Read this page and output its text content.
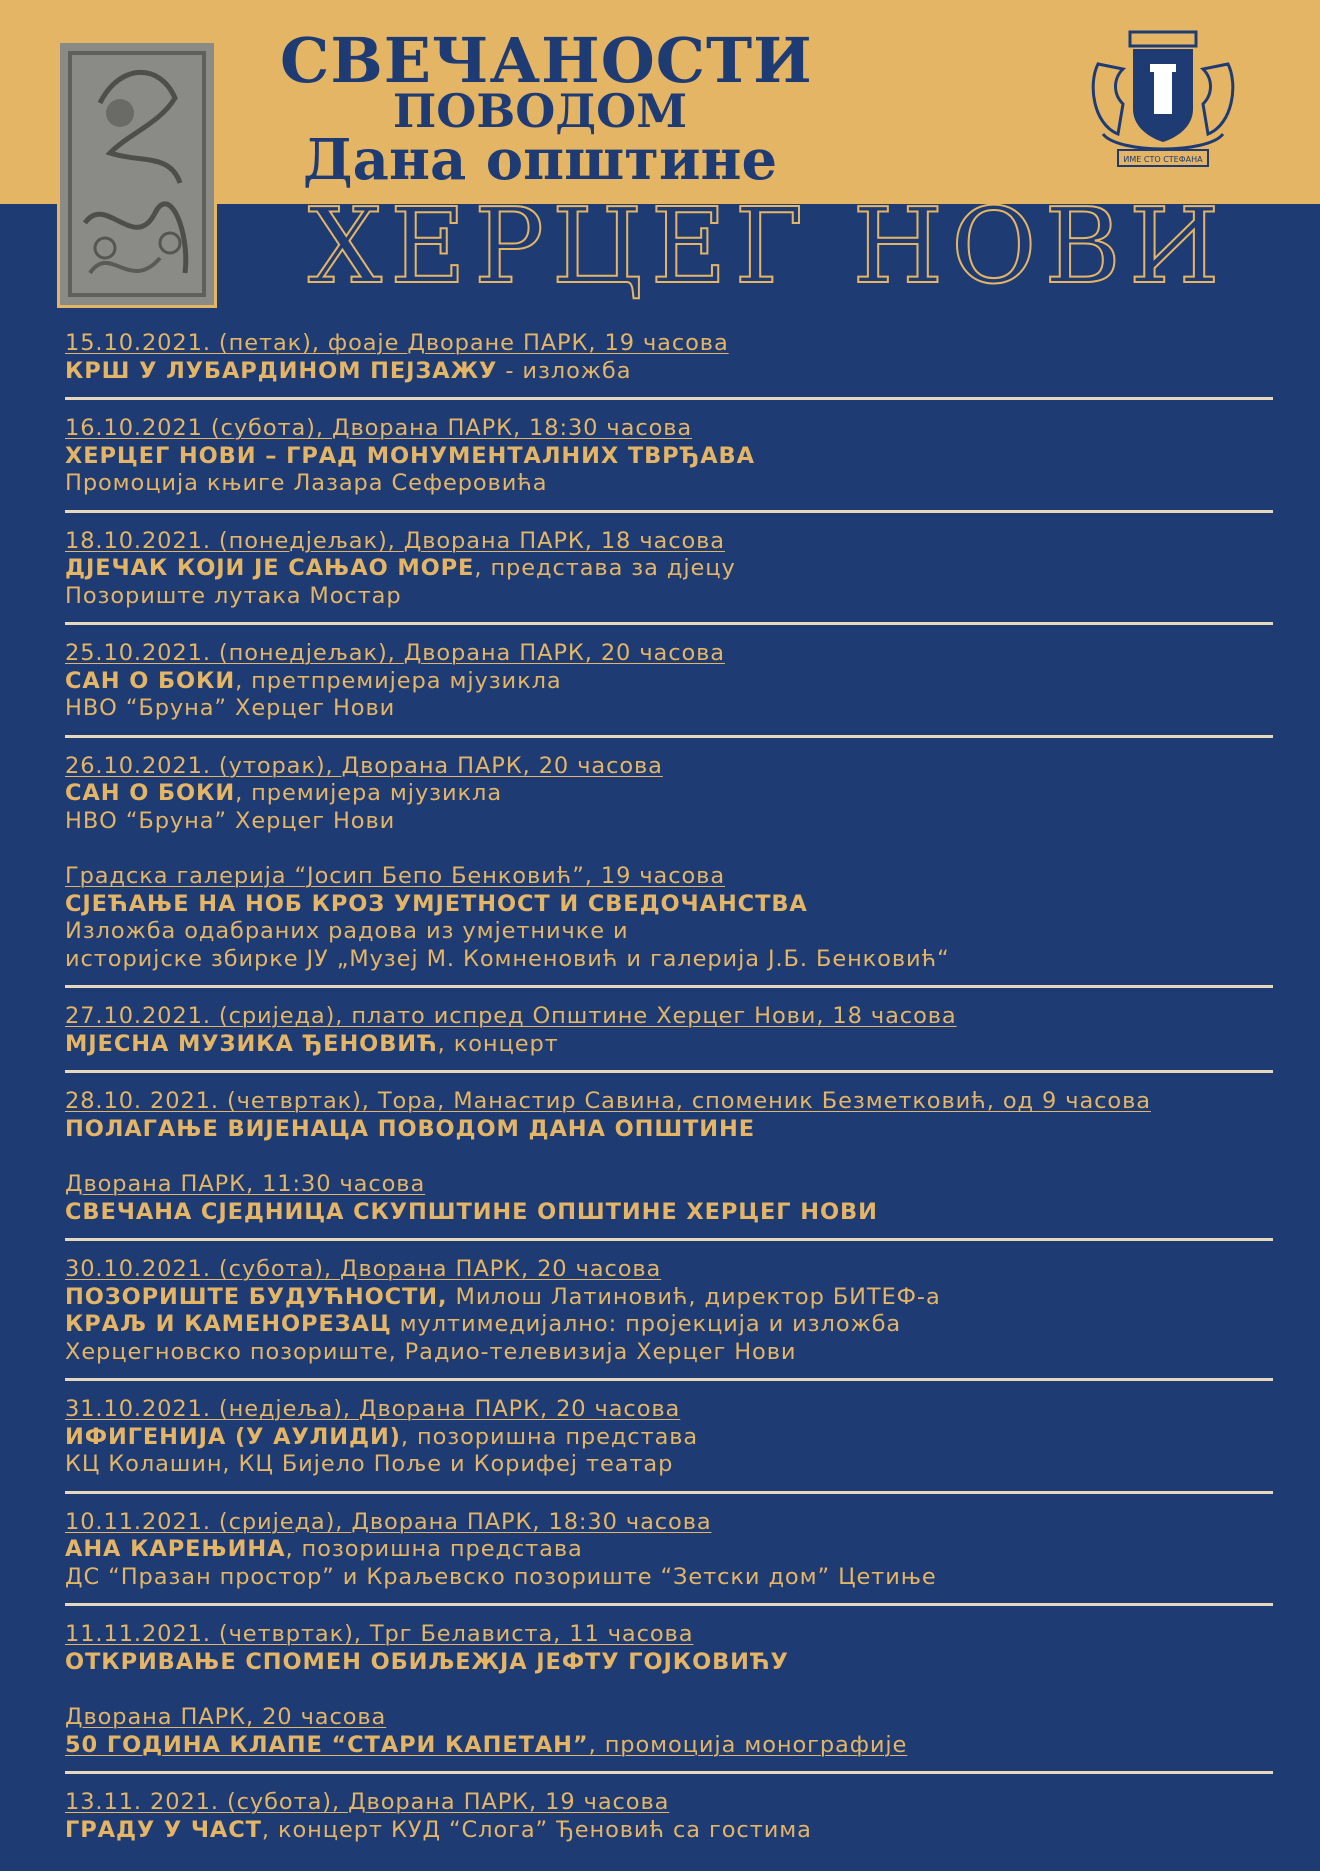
СВЕЧАНОСТИ
ПОВОДОМ
Дана општине	ИМЕ СТО СТЕФАНА
ХЕРЦЕГ НОВИ
15.10.2021. (петак), фоаје Дворане ПАРК, 19 часова
КРШ У ЛУБАРДИНОМ ПЕЈЗАЖУ - изложба
16.10.2021 (субота), Дворана ПАРК, 18:30 часова
ХЕРЦЕГ НОВИ – ГРАД МОНУМЕНТАЛНИХ ТВРЂАВА
Промоција књиге Лазара Сеферовића
18.10.2021. (понедјељак), Дворана ПАРК, 18 часова
ДЈЕЧАК КОЈИ ЈЕ САЊАО МОРЕ, представа за дјецу
Позориште лутака Мостар
25.10.2021. (понедјељак), Дворана ПАРК, 20 часова
САН О БОКИ, претпремијера мјузикла
НВО “Бруна” Херцег Нови
26.10.2021. (уторак), Дворана ПАРК, 20 часова
САН О БОКИ, премијера мјузикла
НВО “Бруна” Херцег Нови
Градска галерија “Јосип Бепо Бенковић”, 19 часова
СЈЕЋАЊЕ НА НОБ КРОЗ УМЈЕТНОСТ И СВЕДОЧАНСТВА
Изложба одабраних радова из умјетничке и
историјске збирке ЈУ „Музеј М. Комненовић и галерија Ј.Б. Бенковић“
27.10.2021. (сриједа), плато испред Општине Херцег Нови, 18 часова
МЈЕСНА МУЗИКА ЂЕНОВИЋ, концерт
28.10. 2021. (четвртак), Тора, Манастир Савина, споменик Безметковић, од 9 часова
ПОЛАГАЊЕ ВИЈЕНАЦА ПОВОДОМ ДАНА ОПШТИНЕ
Дворана ПАРК, 11:30 часова
СВЕЧАНА СЈЕДНИЦА СКУПШТИНЕ ОПШТИНЕ ХЕРЦЕГ НОВИ
30.10.2021. (субота), Дворана ПАРК, 20 часова
ПОЗОРИШТЕ БУДУЋНОСТИ, Милош Латиновић, директор БИТЕФ-а
КРАЉ И КАМЕНОРЕЗАЦ мултимедијално: пројекција и изложба
Херцегновско позориште, Радио-телевизија Херцег Нови
31.10.2021. (недјеља), Дворана ПАРК, 20 часова
ИФИГЕНИЈА (У АУЛИДИ), позоришна представа
КЦ Колашин, КЦ Бијело Поље и Корифеј театар
10.11.2021. (сриједа), Дворана ПАРК, 18:30 часова
АНА КАРЕЊИНА, позоришна представа
ДС “Празан простор” и Краљевско позориште “Зетски дом” Цетиње
11.11.2021. (четвртак), Трг Белависта, 11 часова
ОТКРИВАЊЕ СПОМЕН ОБИЉЕЖЈА ЈЕФТУ ГОЈКОВИЋУ
Дворана ПАРК, 20 часова
50 ГОДИНА КЛАПЕ “СТАРИ КАПЕТАН”, промоција монографије
13.11. 2021. (субота), Дворана ПАРК, 19 часова
ГРАДУ У ЧАСТ, концерт КУД “Слога” Ђеновић са гостима
